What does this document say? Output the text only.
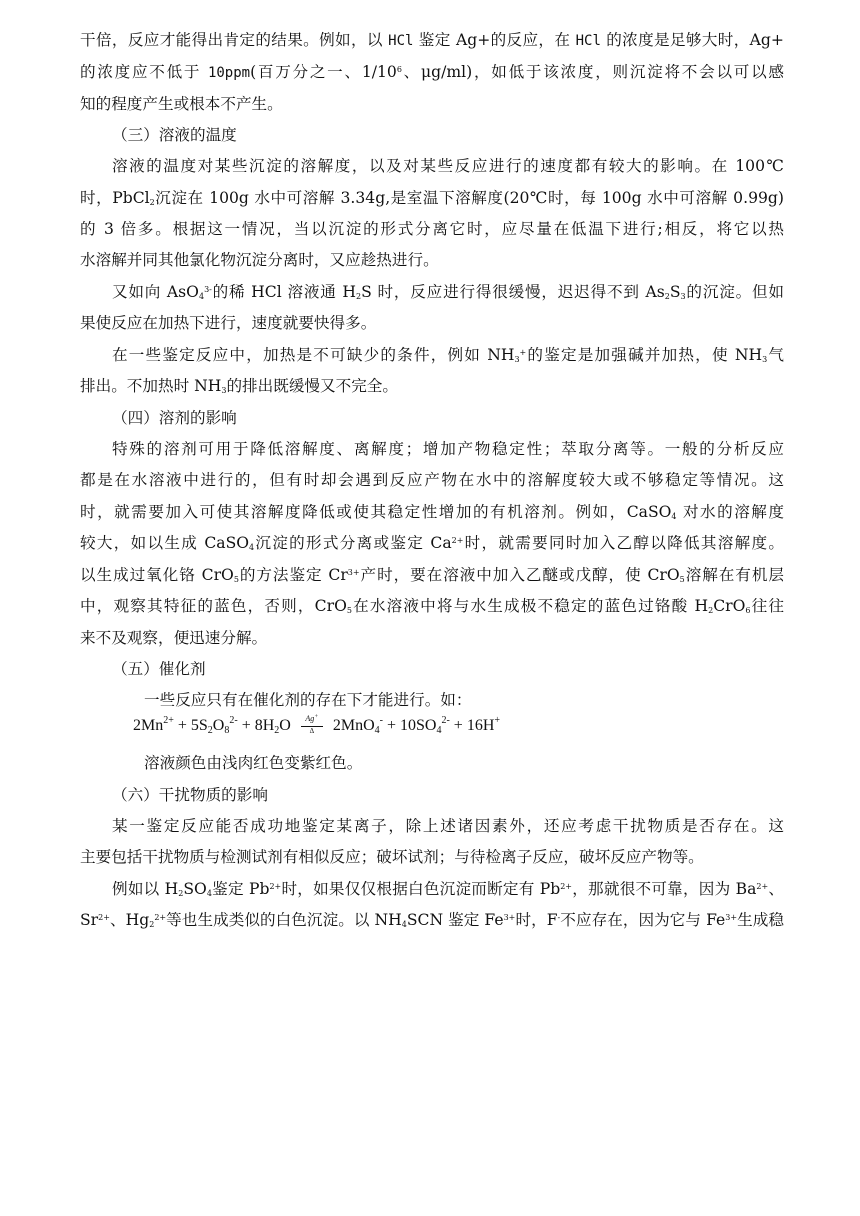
干倍，反应才能得出肯定的结果。例如，以 HCl 鉴定 Ag+的反应，在 HCl 的浓度是足够大时，Ag+
的浓度应不低于 10ppm(百万分之一、$1/10^6$、μg/ml)，如低于该浓度，则沉淀将不会以可以感
知的程度产生或根本不产生。
（三）溶液的温度
溶液的温度对某些沉淀的溶解度，以及对某些反应进行的速度都有较大的影响。在 100℃
时，PbCl$_2$沉淀在 100g 水中可溶解 3.34g,是室温下溶解度(20℃时，每 100g 水中可溶解 0.99g)
的 3 倍多。根据这一情况，当以沉淀的形式分离它时，应尽量在低温下进行;相反，将它以热
水溶解并同其他氯化物沉淀分离时，又应趁热进行。
又如向 AsO$_4^{3-}$的稀 HCl 溶液通 $H_2S$ 时，反应进行得很缓慢，迟迟得不到 $As_2S_3$的沉淀。但如
果使反应在加热下进行，速度就要快得多。
在一些鉴定反应中，加热是不可缺少的条件，例如 $NH_3^+$的鉴定是加强碱并加热，使 $NH_3$气
排出。不加热时 $NH_3$的排出既缓慢又不完全。
（四）溶剂的影响
特殊的溶剂可用于降低溶解度、离解度；增加产物稳定性；萃取分离等。一般的分析反应
都是在水溶液中进行的，但有时却会遇到反应产物在水中的溶解度较大或不够稳定等情况。这
时，就需要加入可使其溶解度降低或使其稳定性增加的有机溶剂。例如，CaSO$_4$ 对水的溶解度
较大，如以生成 CaSO$_4$沉淀的形式分离或鉴定 $Ca^{2+}$时，就需要同时加入乙醇以降低其溶解度。
以生成过氧化铬 CrO$_5$的方法鉴定 $Cr^{3+}$产时，要在溶液中加入乙醚或戊醇，使 CrO$_5$溶解在有机层
中，观察其特征的蓝色，否则，CrO$_5$在水溶液中将与水生成极不稳定的蓝色过铬酸 $H_2CrO_6$往往
来不及观察，便迅速分解。
（五）催化剂
一些反应只有在催化剂的存在下才能进行。如：
$2Mn^{2+} + 5S_2O_8^{2-} + 8H_2O \frac{Ag^+}{\Delta} 2MnO_4^- + 10SO_4^{2-} + 16H^+$
溶液颜色由浅肉红色变紫红色。
（六）干扰物质的影响
某一鉴定反应能否成功地鉴定某离子，除上述诸因素外，还应考虑干扰物质是否存在。这
主要包括干扰物质与检测试剂有相似反应；破坏试剂；与待检离子反应，破坏反应产物等。
例如以 $H_2SO_4$鉴定 $Pb^{2+}$时，如果仅仅根据白色沉淀而断定有 $Pb^{2+}$，那就很不可靠，因为 $Ba^{2+}$、
$Sr^{2+}$、$Hg_2^{2+}$等也生成类似的白色沉淀。以 $NH_4SCN$ 鉴定 $Fe^{3+}$时，F-不应存在，因为它与 $Fe^{3+}$生成稳
